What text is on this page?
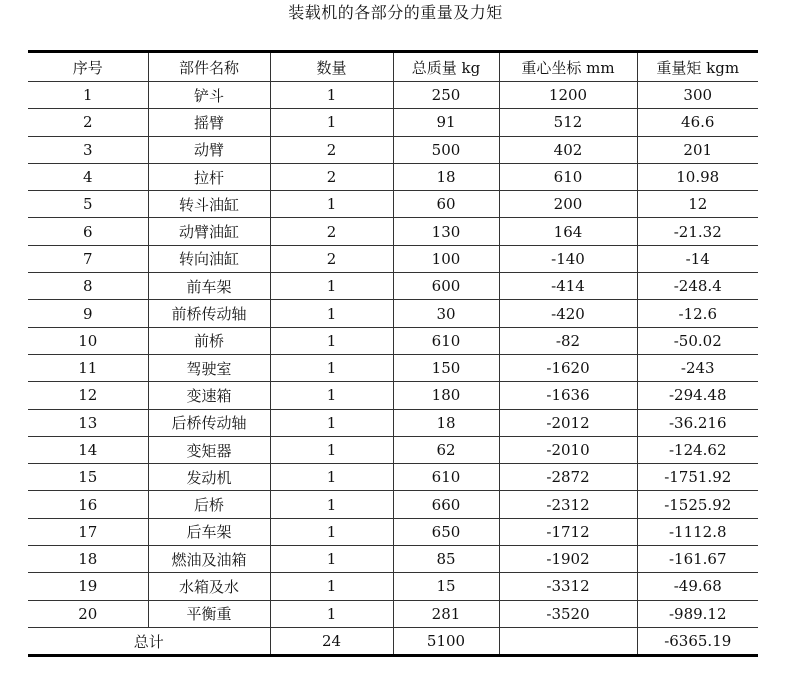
装载机的各部分的重量及力矩
序号	部件名称	数量	总质量 kg	重心坐标 mm	重量矩 kgm
1	铲斗	1	250	1200	300
2	摇臂	1	91	512	46.6
3	动臂	2	500	402	201
4	拉杆	2	18	610	10.98
5	转斗油缸	1	60	200	12
6	动臂油缸	2	130	164	-21.32
7	转向油缸	2	100	-140	-14
8	前车架	1	600	-414	-248.4
9	前桥传动轴	1	30	-420	-12.6
10	前桥	1	610	-82	-50.02
11	驾驶室	1	150	-1620	-243
12	变速箱	1	180	-1636	-294.48
13	后桥传动轴	1	18	-2012	-36.216
14	变矩器	1	62	-2010	-124.62
15	发动机	1	610	-2872	-1751.92
16	后桥	1	660	-2312	-1525.92
17	后车架	1	650	-1712	-1112.8
18	燃油及油箱	1	85	-1902	-161.67
19	水箱及水	1	15	-3312	-49.68
20	平衡重	1	281	-3520	-989.12
总计		24	5100		-6365.19
